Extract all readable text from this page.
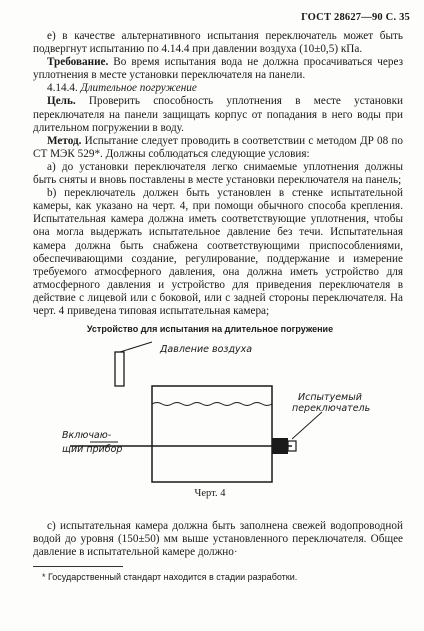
ГОСТ 28627—90 С. 35

е) в качестве альтернативного испытания переключатель может быть подвергнут испытанию по 4.14.4 при давлении воздуха (10±0,5) кПа.

Требование. Во время испытания вода не должна просачиваться через уплотнения в месте установки переключателя на панели.

4.14.4. Длительное погружение

Цель. Проверить способность уплотнения в месте установки переключателя на панели защищать корпус от попадания в него воды при длительном погружении в воду.

Метод. Испытание следует проводить в соответствии с методом ДР 08 по СТ МЭК 529*. Должны соблюдаться следующие условия:

а) до установки переключателя легко снимаемые уплотнения должны быть сняты и вновь поставлены в месте установки переключателя на панель;

b) переключатель должен быть установлен в стенке испытательной камеры, как указано на черт. 4, при помощи обычного способа крепления. Испытательная камера должна иметь соответствующие уплотнения, чтобы она могла выдержать испытательное давление без течи. Испытательная камера должна быть снабжена соответствующими приспособлениями, обеспечивающими создание, регулирование, поддержание и измерение требуемого атмосферного давления, она должна иметь устройство для атмосферного давления и устройство для приведения переключателя в действие с лицевой или с боковой, или с задней стороны переключателя. На черт. 4 приведена типовая испытательная камера;

Устройство для испытания на длительное погружение
Давление воздуха
Испытуемый
переключатель
Включаю-
щий прибор
Черт. 4

с) испытательная камера должна быть заполнена свежей водопроводной водой до уровня (150±50) мм выше установленного переключателя. Общее давление в испытательной камере должно·

* Государственный стандарт находится в стадии разработки.
